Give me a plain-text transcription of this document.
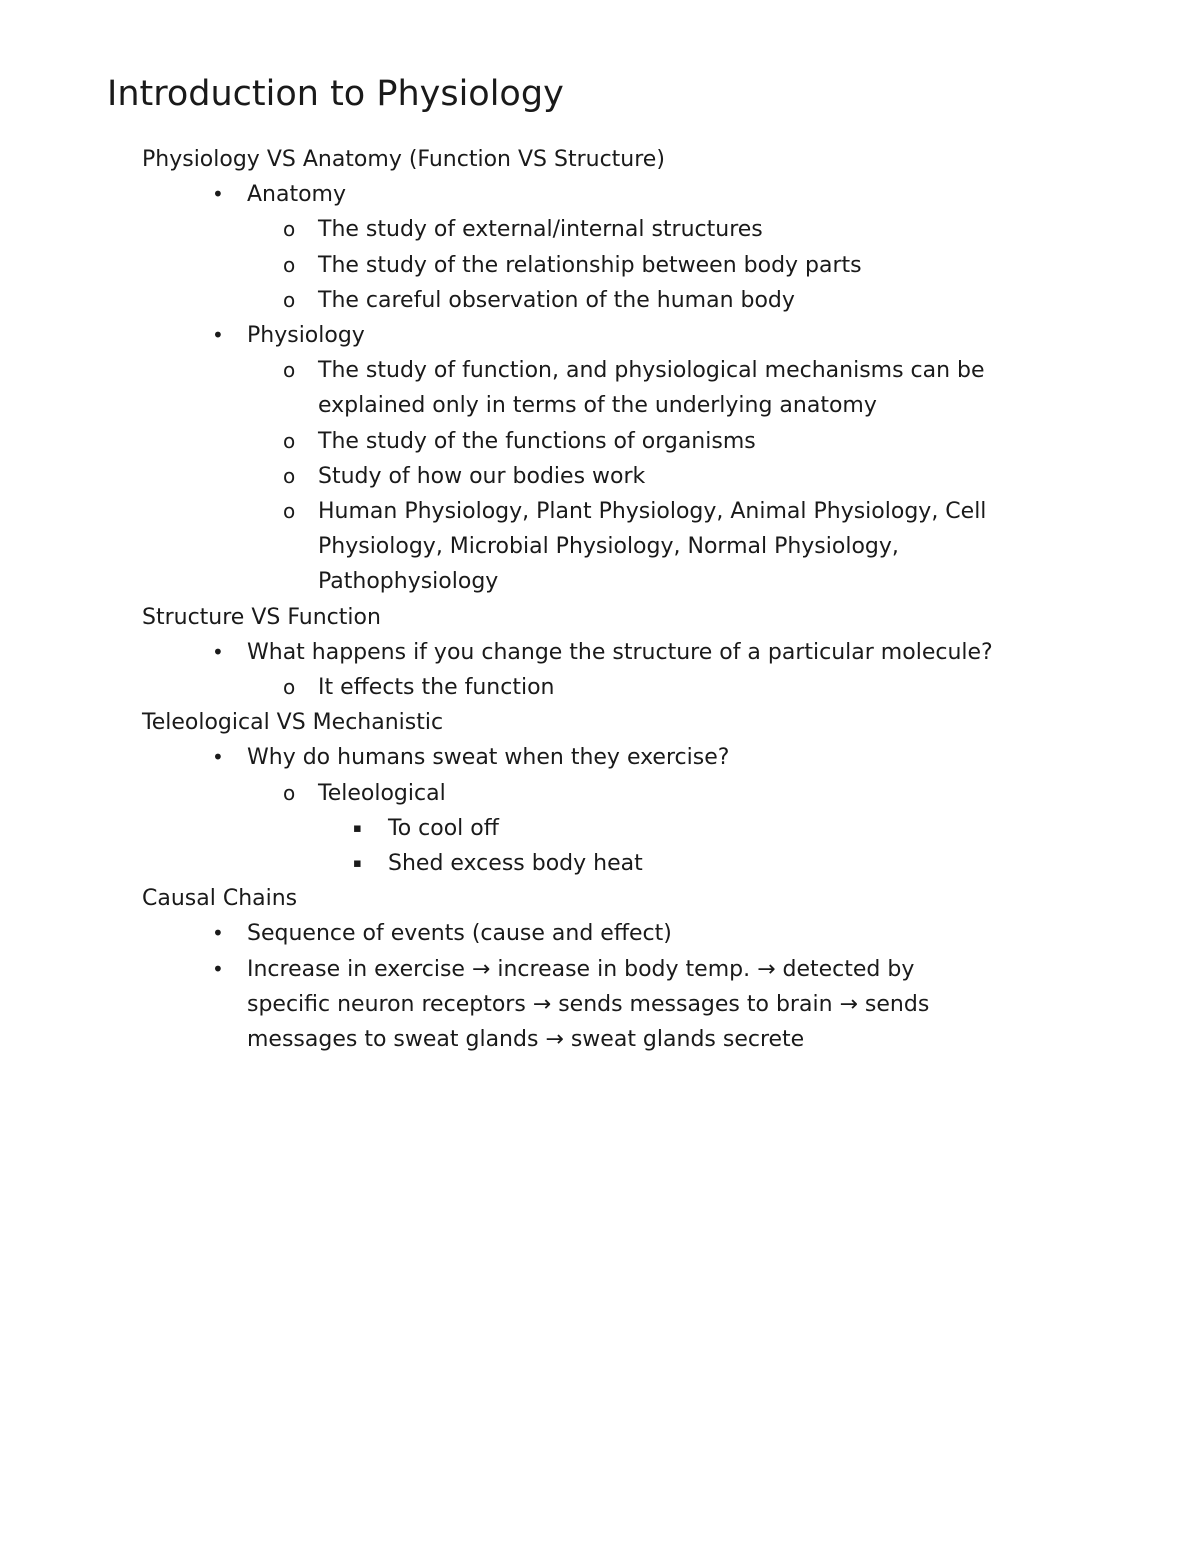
Introduction to Physiology
Physiology VS Anatomy (Function VS Structure)
• Anatomy
o The study of external/internal structures
o The study of the relationship between body parts
o The careful observation of the human body
• Physiology
o The study of function, and physiological mechanisms can be
explained only in terms of the underlying anatomy
o The study of the functions of organisms
o Study of how our bodies work
o Human Physiology, Plant Physiology, Animal Physiology, Cell
Physiology, Microbial Physiology, Normal Physiology,
Pathophysiology
Structure VS Function
• What happens if you change the structure of a particular molecule?
o It effects the function
Teleological VS Mechanistic
• Why do humans sweat when they exercise?
o Teleological
▪ To cool off
▪ Shed excess body heat
Causal Chains
• Sequence of events (cause and effect)
• Increase in exercise → increase in body temp. → detected by
specific neuron receptors → sends messages to brain → sends
messages to sweat glands → sweat glands secrete
